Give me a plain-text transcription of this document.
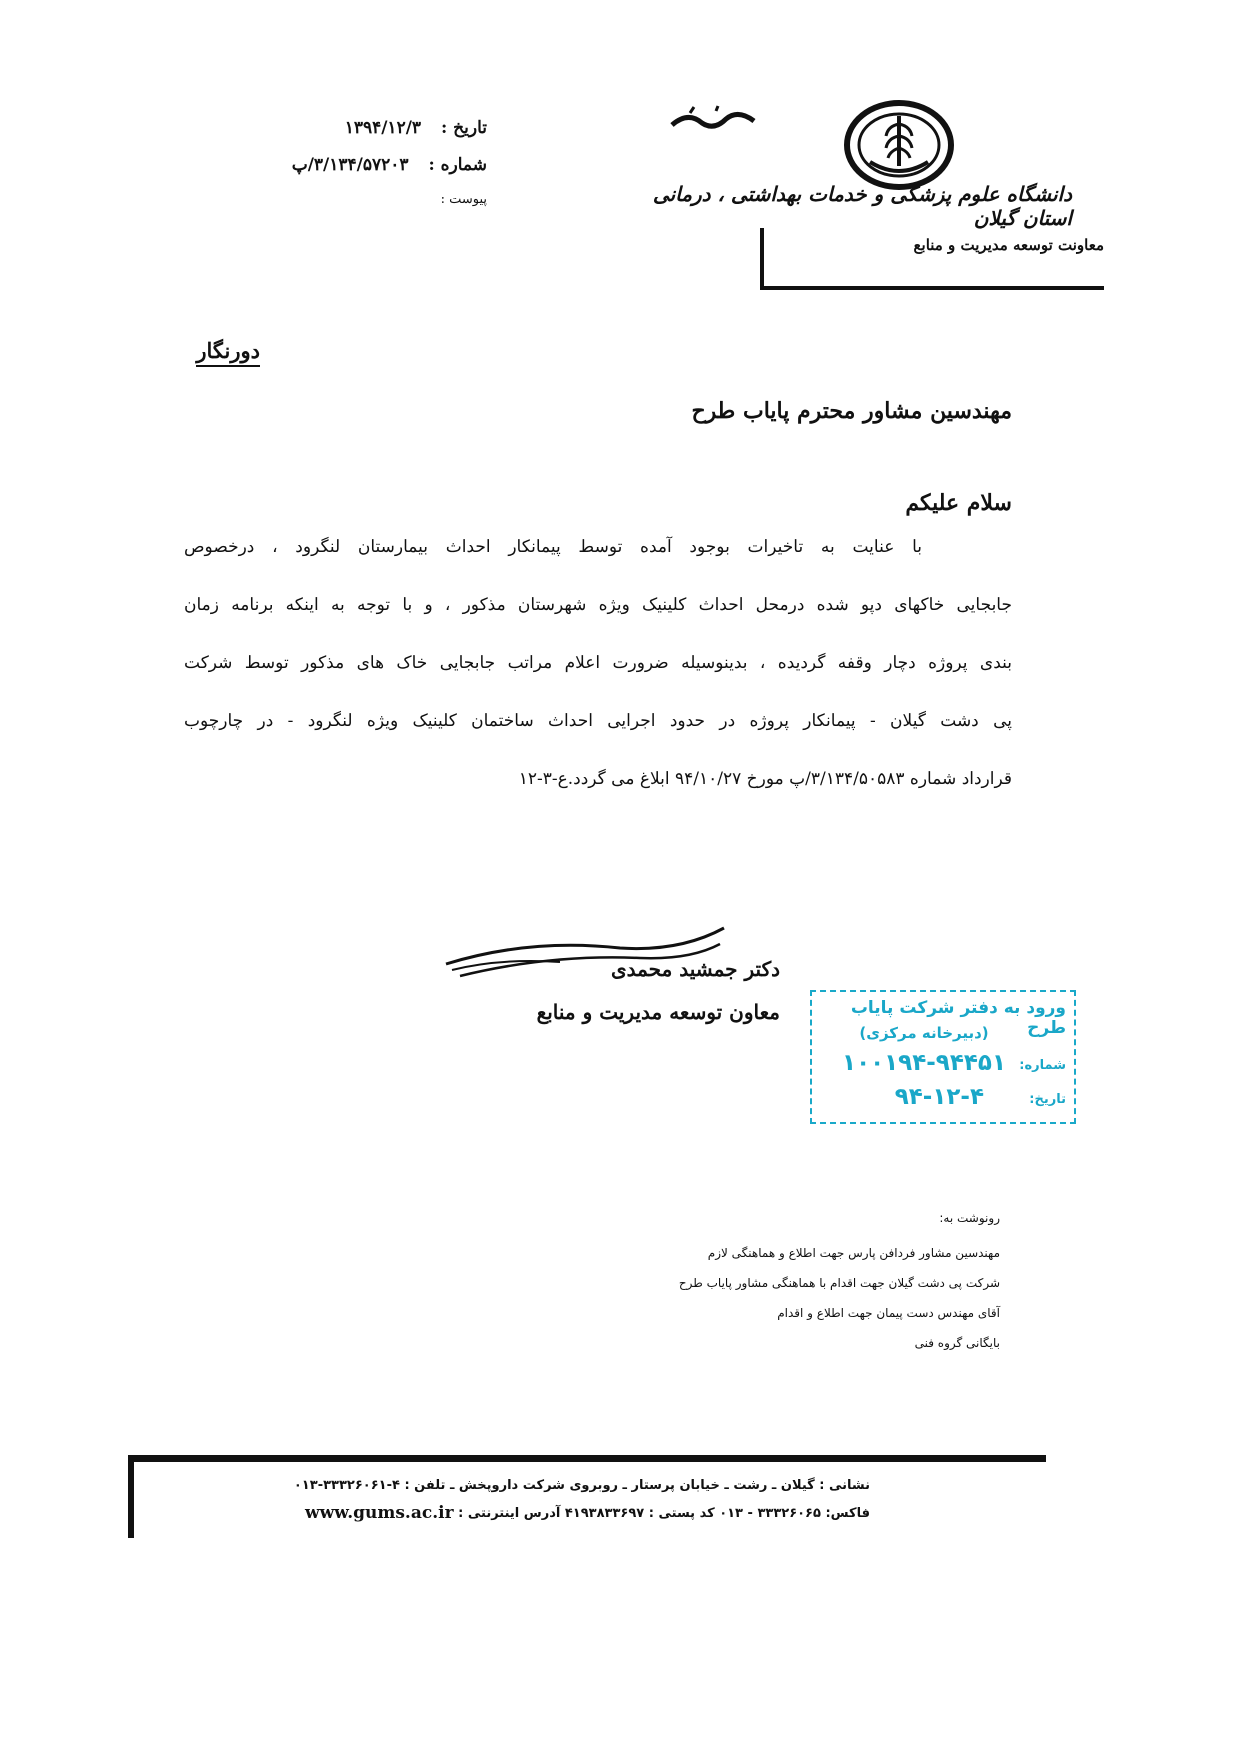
دانشگاه علوم پزشکی و خدمات بهداشتی ، درمانی استان گیلان
معاونت توسعه مدیریت و منابع
تاریخ : ۱۳۹۴/۱۲/۳
شماره : ۳/۱۳۴/۵۷۲۰۳/پ
پیوست :
دورنگار
مهندسین مشاور محترم پایاب طرح
سلام علیکم
با عنایت به تاخیرات بوجود آمده توسط پیمانکار احداث بیمارستان لنگرود ، درخصوص
جابجایی خاکهای دپو شده درمحل احداث کلینیک ویژه شهرستان مذکور ، و با توجه به اینکه برنامه زمان
بندی پروژه دچار وقفه گردیده ، بدینوسیله ضرورت اعلام مراتب جابجایی خاک های مذکور توسط شرکت
پی دشت گیلان - پیمانکار پروژه در حدود اجرایی احداث ساختمان کلینیک ویژه لنگرود - در چارچوب
قرارداد شماره ۳/۱۳۴/۵۰۵۸۳/پ مورخ ۹۴/۱۰/۲۷ ابلاغ می گردد.ع-۳-۱۲
دکتر جمشید محمدی
معاون توسعه مدیریت و منابع	ورود به دفتر شرکت پایاب طرح
(دبیرخانه مرکزی)
شماره:
۱۰۰۱۹۴-۹۴۴۵۱
تاریخ:
۹۴-۱۲-۴
رونوشت به:
مهندسین مشاور فردافن پارس جهت اطلاع و هماهنگی لازم
شرکت پی دشت گیلان جهت اقدام با هماهنگی مشاور پایاب طرح
آقای مهندس دست پیمان جهت اطلاع و اقدام
بایگانی گروه فنی
نشانی : گیلان ـ رشت ـ خیابان پرستار ـ روبروی شرکت داروپخش ـ تلفن : ۴-۳۳۳۲۶۰۶۱-۰۱۳
فاکس: ۳۳۳۲۶۰۶۵ - ۰۱۳ کد پستی : ۴۱۹۳۸۳۳۶۹۷ آدرس اینترنتی :
www.gums.ac.ir
